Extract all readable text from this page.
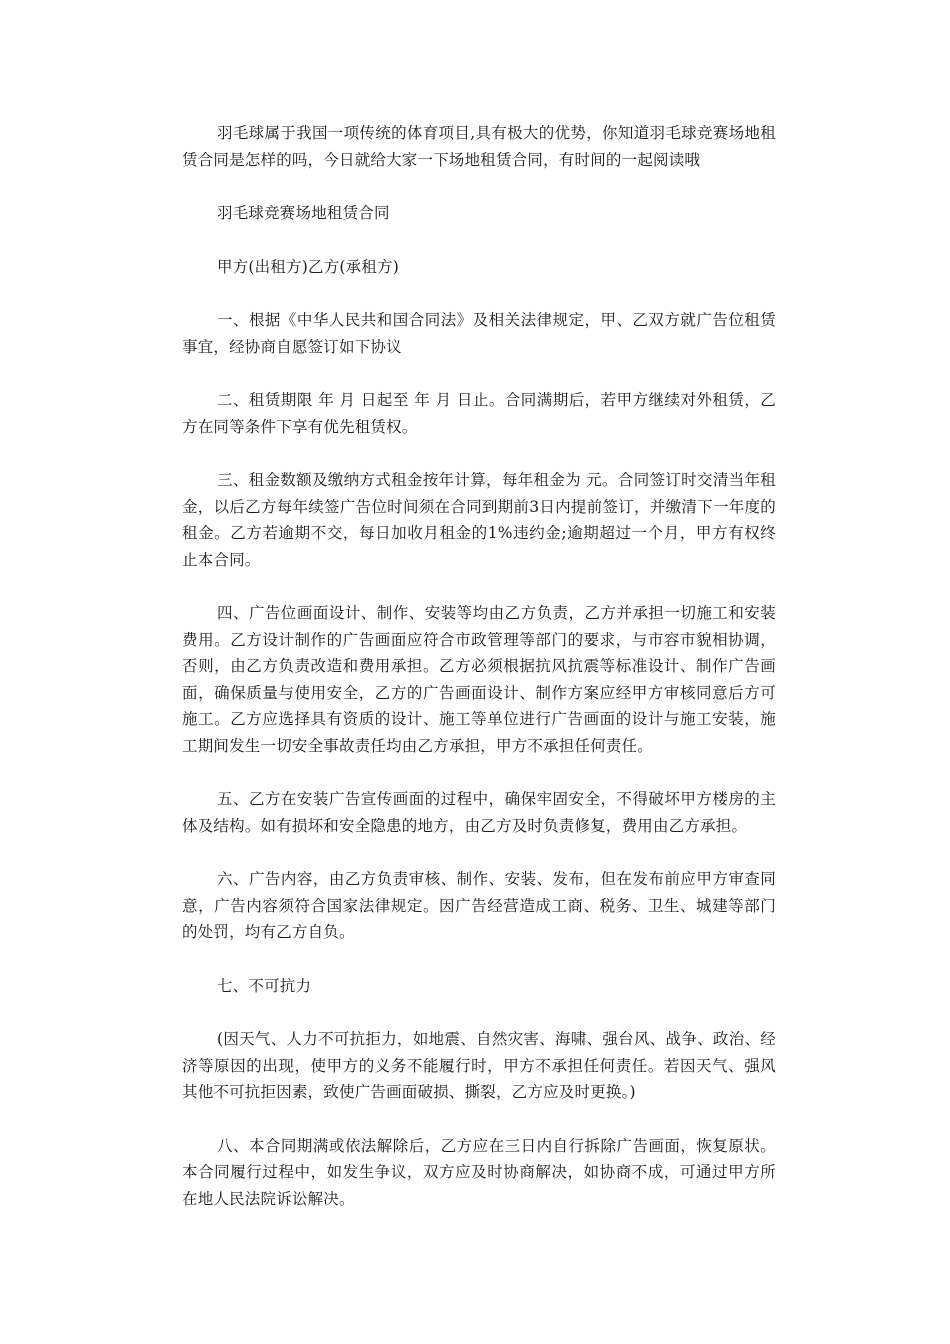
羽毛球属于我国一项传统的体育项目,具有极大的优势，你知道羽毛球竞赛场地租赁合同是怎样的吗，今日就给大家一下场地租赁合同，有时间的一起阅读哦

羽毛球竞赛场地租赁合同

甲方(出租方)乙方(承租方)

一、根据《中华人民共和国合同法》及相关法律规定，甲、乙双方就广告位租赁事宜，经协商自愿签订如下协议

二、租赁期限 年 月 日起至 年 月 日止。合同满期后，若甲方继续对外租赁，乙方在同等条件下享有优先租赁权。

三、租金数额及缴纳方式租金按年计算，每年租金为 元。合同签订时交清当年租金，以后乙方每年续签广告位时间须在合同到期前3日内提前签订，并缴清下一年度的租金。乙方若逾期不交，每日加收月租金的1%违约金;逾期超过一个月，甲方有权终止本合同。

四、广告位画面设计、制作、安装等均由乙方负责，乙方并承担一切施工和安装费用。乙方设计制作的广告画面应符合市政管理等部门的要求，与市容市貌相协调，否则，由乙方负责改造和费用承担。乙方必须根据抗风抗震等标准设计、制作广告画面，确保质量与使用安全，乙方的广告画面设计、制作方案应经甲方审核同意后方可施工。乙方应选择具有资质的设计、施工等单位进行广告画面的设计与施工安装，施工期间发生一切安全事故责任均由乙方承担，甲方不承担任何责任。

五、乙方在安装广告宣传画面的过程中，确保牢固安全，不得破坏甲方楼房的主体及结构。如有损坏和安全隐患的地方，由乙方及时负责修复，费用由乙方承担。

六、广告内容，由乙方负责审核、制作、安装、发布，但在发布前应甲方审查同意，广告内容须符合国家法律规定。因广告经营造成工商、税务、卫生、城建等部门的处罚，均有乙方自负。

七、不可抗力

(因天气、人力不可抗拒力，如地震、自然灾害、海啸、强台风、战争、政治、经济等原因的出现，使甲方的义务不能履行时，甲方不承担任何责任。若因天气、强风其他不可抗拒因素，致使广告画面破损、撕裂，乙方应及时更换。)

八、本合同期满或依法解除后，乙方应在三日内自行拆除广告画面，恢复原状。本合同履行过程中，如发生争议，双方应及时协商解决，如协商不成，可通过甲方所在地人民法院诉讼解决。
